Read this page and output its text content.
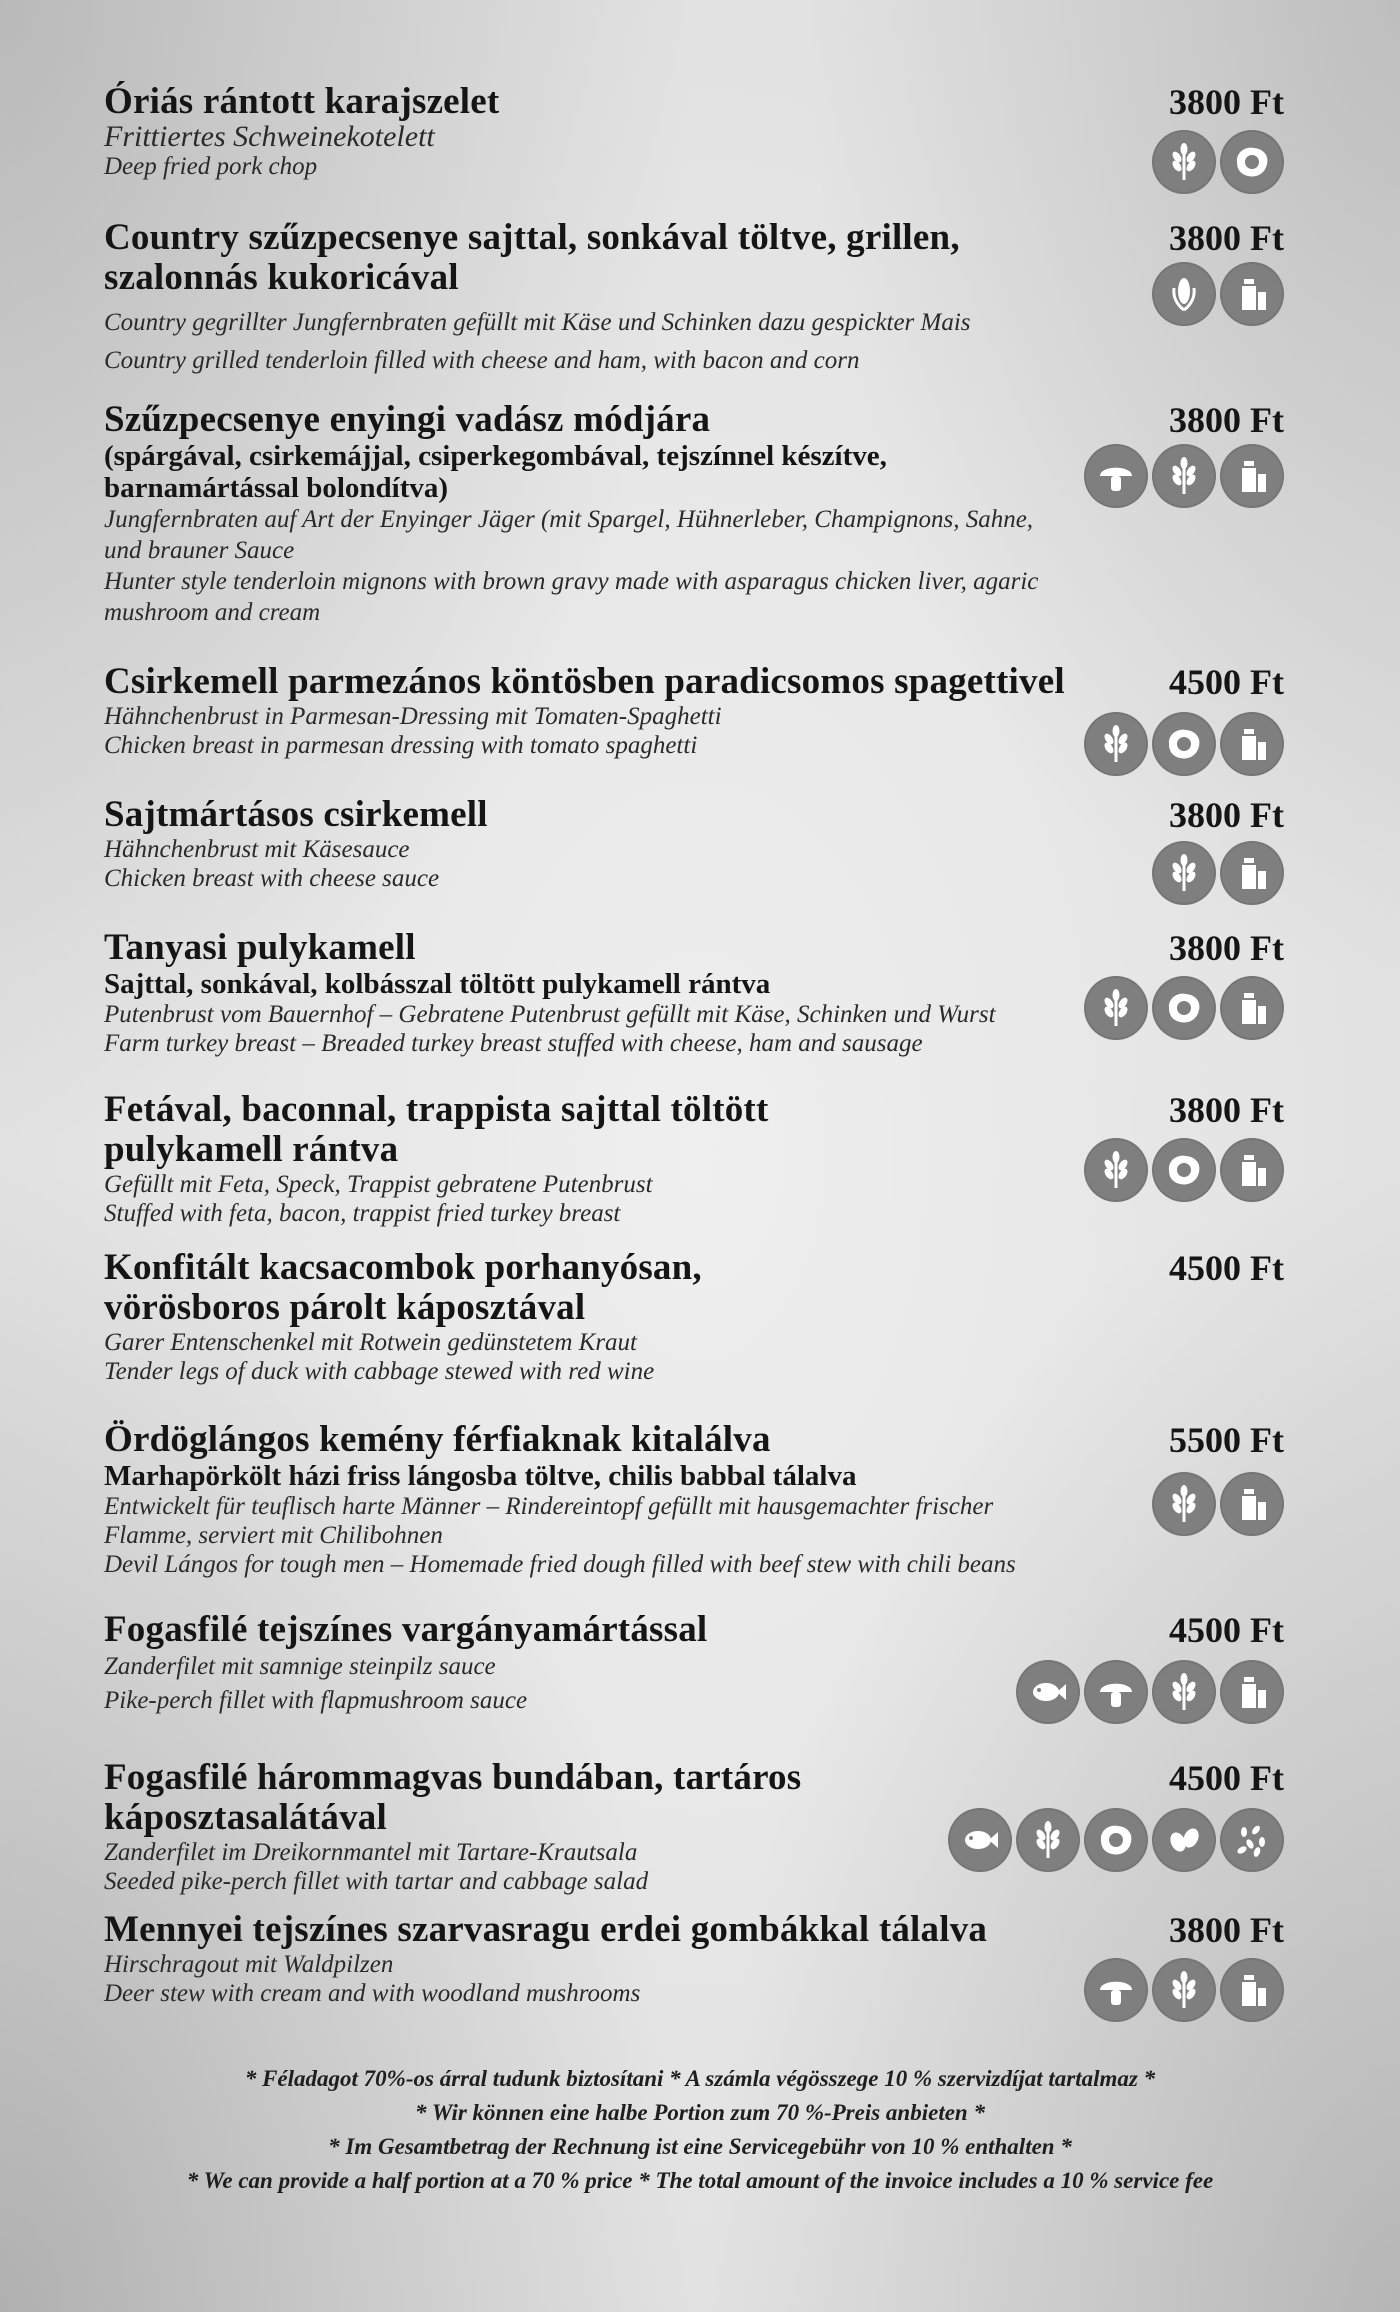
Óriás rántott karajszelet
Frittiertes Schweinekotelett
Deep fried pork chop
3800 Ft
Country szűzpecsenye sajttal, sonkával töltve, grillen, szalonnás kukoricával
Country gegrillter Jungfernbraten gefüllt mit Käse und Schinken dazu gespickter Mais
Country grilled tenderloin filled with cheese and ham, with bacon and corn
3800 Ft
Szűzpecsenye enyingi vadász módjára
(spárgával, csirkemájjal, csiperkegombával, tejszínnel készítve, barnamártással bolondítva)
Jungfernbraten auf Art der Enyinger Jäger (mit Spargel, Hühnerleber, Champignons, Sahne, und brauner Sauce
Hunter style tenderloin mignons with brown gravy made with asparagus chicken liver, agaric mushroom and cream
3800 Ft
Csirkemell parmezános köntösben paradicsomos spagettivel
Hähnchenbrust in Parmesan-Dressing mit Tomaten-Spaghetti
Chicken breast in parmesan dressing with tomato spaghetti
4500 Ft
Sajtmártásos csirkemell
Hähnchenbrust mit Käsesauce
Chicken breast with cheese sauce
3800 Ft
Tanyasi pulykamell
Sajttal, sonkával, kolbásszal töltött pulykamell rántva
Putenbrust vom Bauernhof – Gebratene Putenbrust gefüllt mit Käse, Schinken und Wurst
Farm turkey breast – Breaded turkey breast stuffed with cheese, ham and sausage
3800 Ft
Fetával, baconnal, trappista sajttal töltött pulykamell rántva
Gefüllt mit Feta, Speck, Trappist gebratene Putenbrust
Stuffed with feta, bacon, trappist fried turkey breast
3800 Ft
Konfitált kacsacombok porhanyósan, vörösboros párolt káposztával
Garer Entenschenkel mit Rotwein gedünstetem Kraut
Tender legs of duck with cabbage stewed with red wine
4500 Ft
Ördöglángos kemény férfiaknak kitalálva
Marhapörkölt házi friss lángosba töltve, chilis babbal tálalva
Entwickelt für teuflisch harte Männer – Rindereintopf gefüllt mit hausgemachter frischer Flamme, serviert mit Chilibohnen
Devil Lángos for tough men – Homemade fried dough filled with beef stew with chili beans
5500 Ft
Fogasfilé tejszínes vargányamártással
Zanderfilet mit samnige steinpilz sauce
Pike-perch fillet with flapmushroom sauce
4500 Ft
Fogasfilé hárommagvas bundában, tartáros káposztasalátával
Zanderfilet im Dreikornmantel mit Tartare-Krautsala
Seeded pike-perch fillet with tartar and cabbage salad
4500 Ft
Mennyei tejszínes szarvasragu erdei gombákkal tálalva
Hirschragout mit Waldpilzen
Deer stew with cream and with woodland mushrooms
3800 Ft
* Féladagot 70%-os árral tudunk biztosítani * A számla végösszege 10 % szervizdíjat tartalmaz *
* Wir können eine halbe Portion zum 70 %-Preis anbieten *
* Im Gesamtbetrag der Rechnung ist eine Servicegebühr von 10 % enthalten *
* We can provide a half portion at a 70 % price * The total amount of the invoice includes a 10 % service fee
